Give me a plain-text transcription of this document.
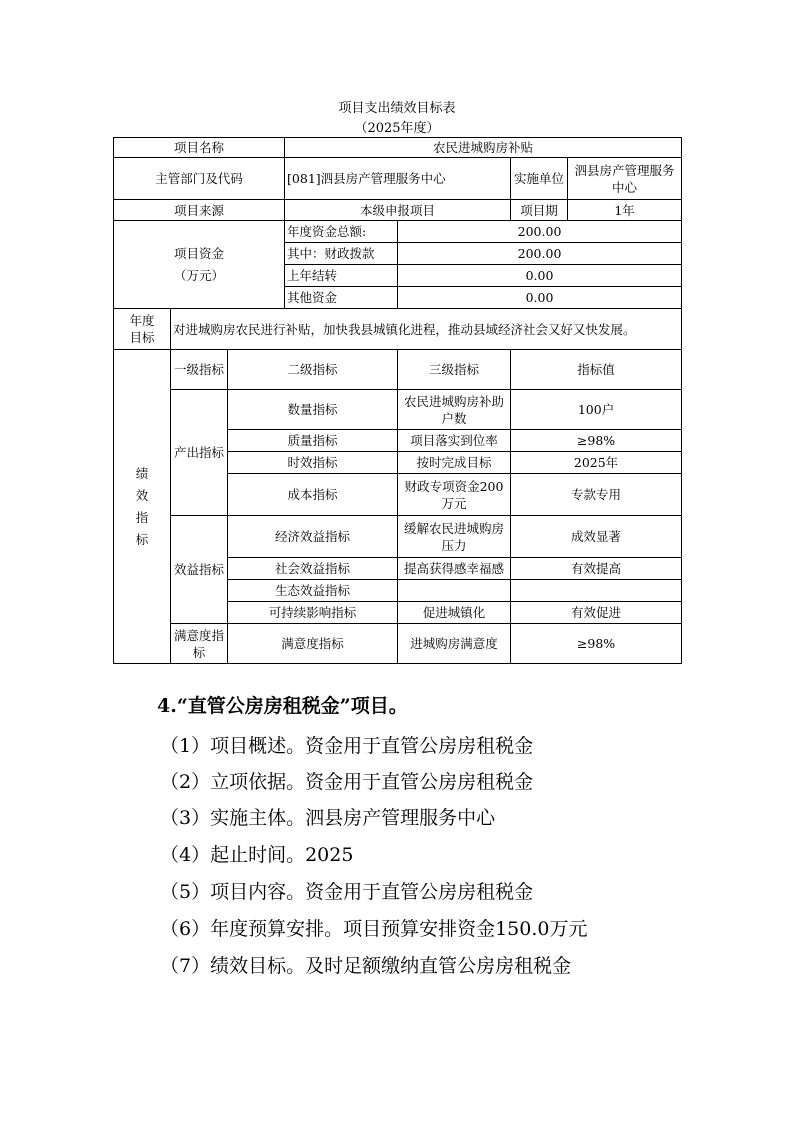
项目支出绩效目标表
（2025年度）
项目名称			农民进城购房补贴			
主管部门及代码			[081]泗县房产管理服务中心		实施单位	泗县房产管理服务中心
项目来源			本级申报项目		项目期	1年

项目资金
（万元）			年度资金总额:	200.00		
			其中：财政拨款	200.00		
			上年结转	0.00		
			其他资金	0.00		

年度
目标	对进城购房农民进行补贴，加快我县城镇化进程，推动县域经济社会又好又快发展。					

绩
效
指
标	一级指标	二级指标		三级指标	指标值	
	产出指标	数量指标		农民进城购房补助户数	100户	
		质量指标		项目落实到位率	≥98%	
		时效指标		按时完成目标	2025年	
		成本指标		财政专项资金200万元	专款专用	
	效益指标	经济效益指标		缓解农民进城购房压力	成效显著	
		社会效益指标		提高获得感幸福感	有效提高	
		生态效益指标				
		可持续影响指标		促进城镇化	有效促进	
	满意度指标	满意度指标		进城购房满意度	≥98%	
4.“直管公房房租税金”项目。
（1）项目概述。资金用于直管公房房租税金
（2）立项依据。资金用于直管公房房租税金
（3）实施主体。泗县房产管理服务中心
（4）起止时间。2025
（5）项目内容。资金用于直管公房房租税金
（6）年度预算安排。项目预算安排资金150.0万元
（7）绩效目标。及时足额缴纳直管公房房租税金
